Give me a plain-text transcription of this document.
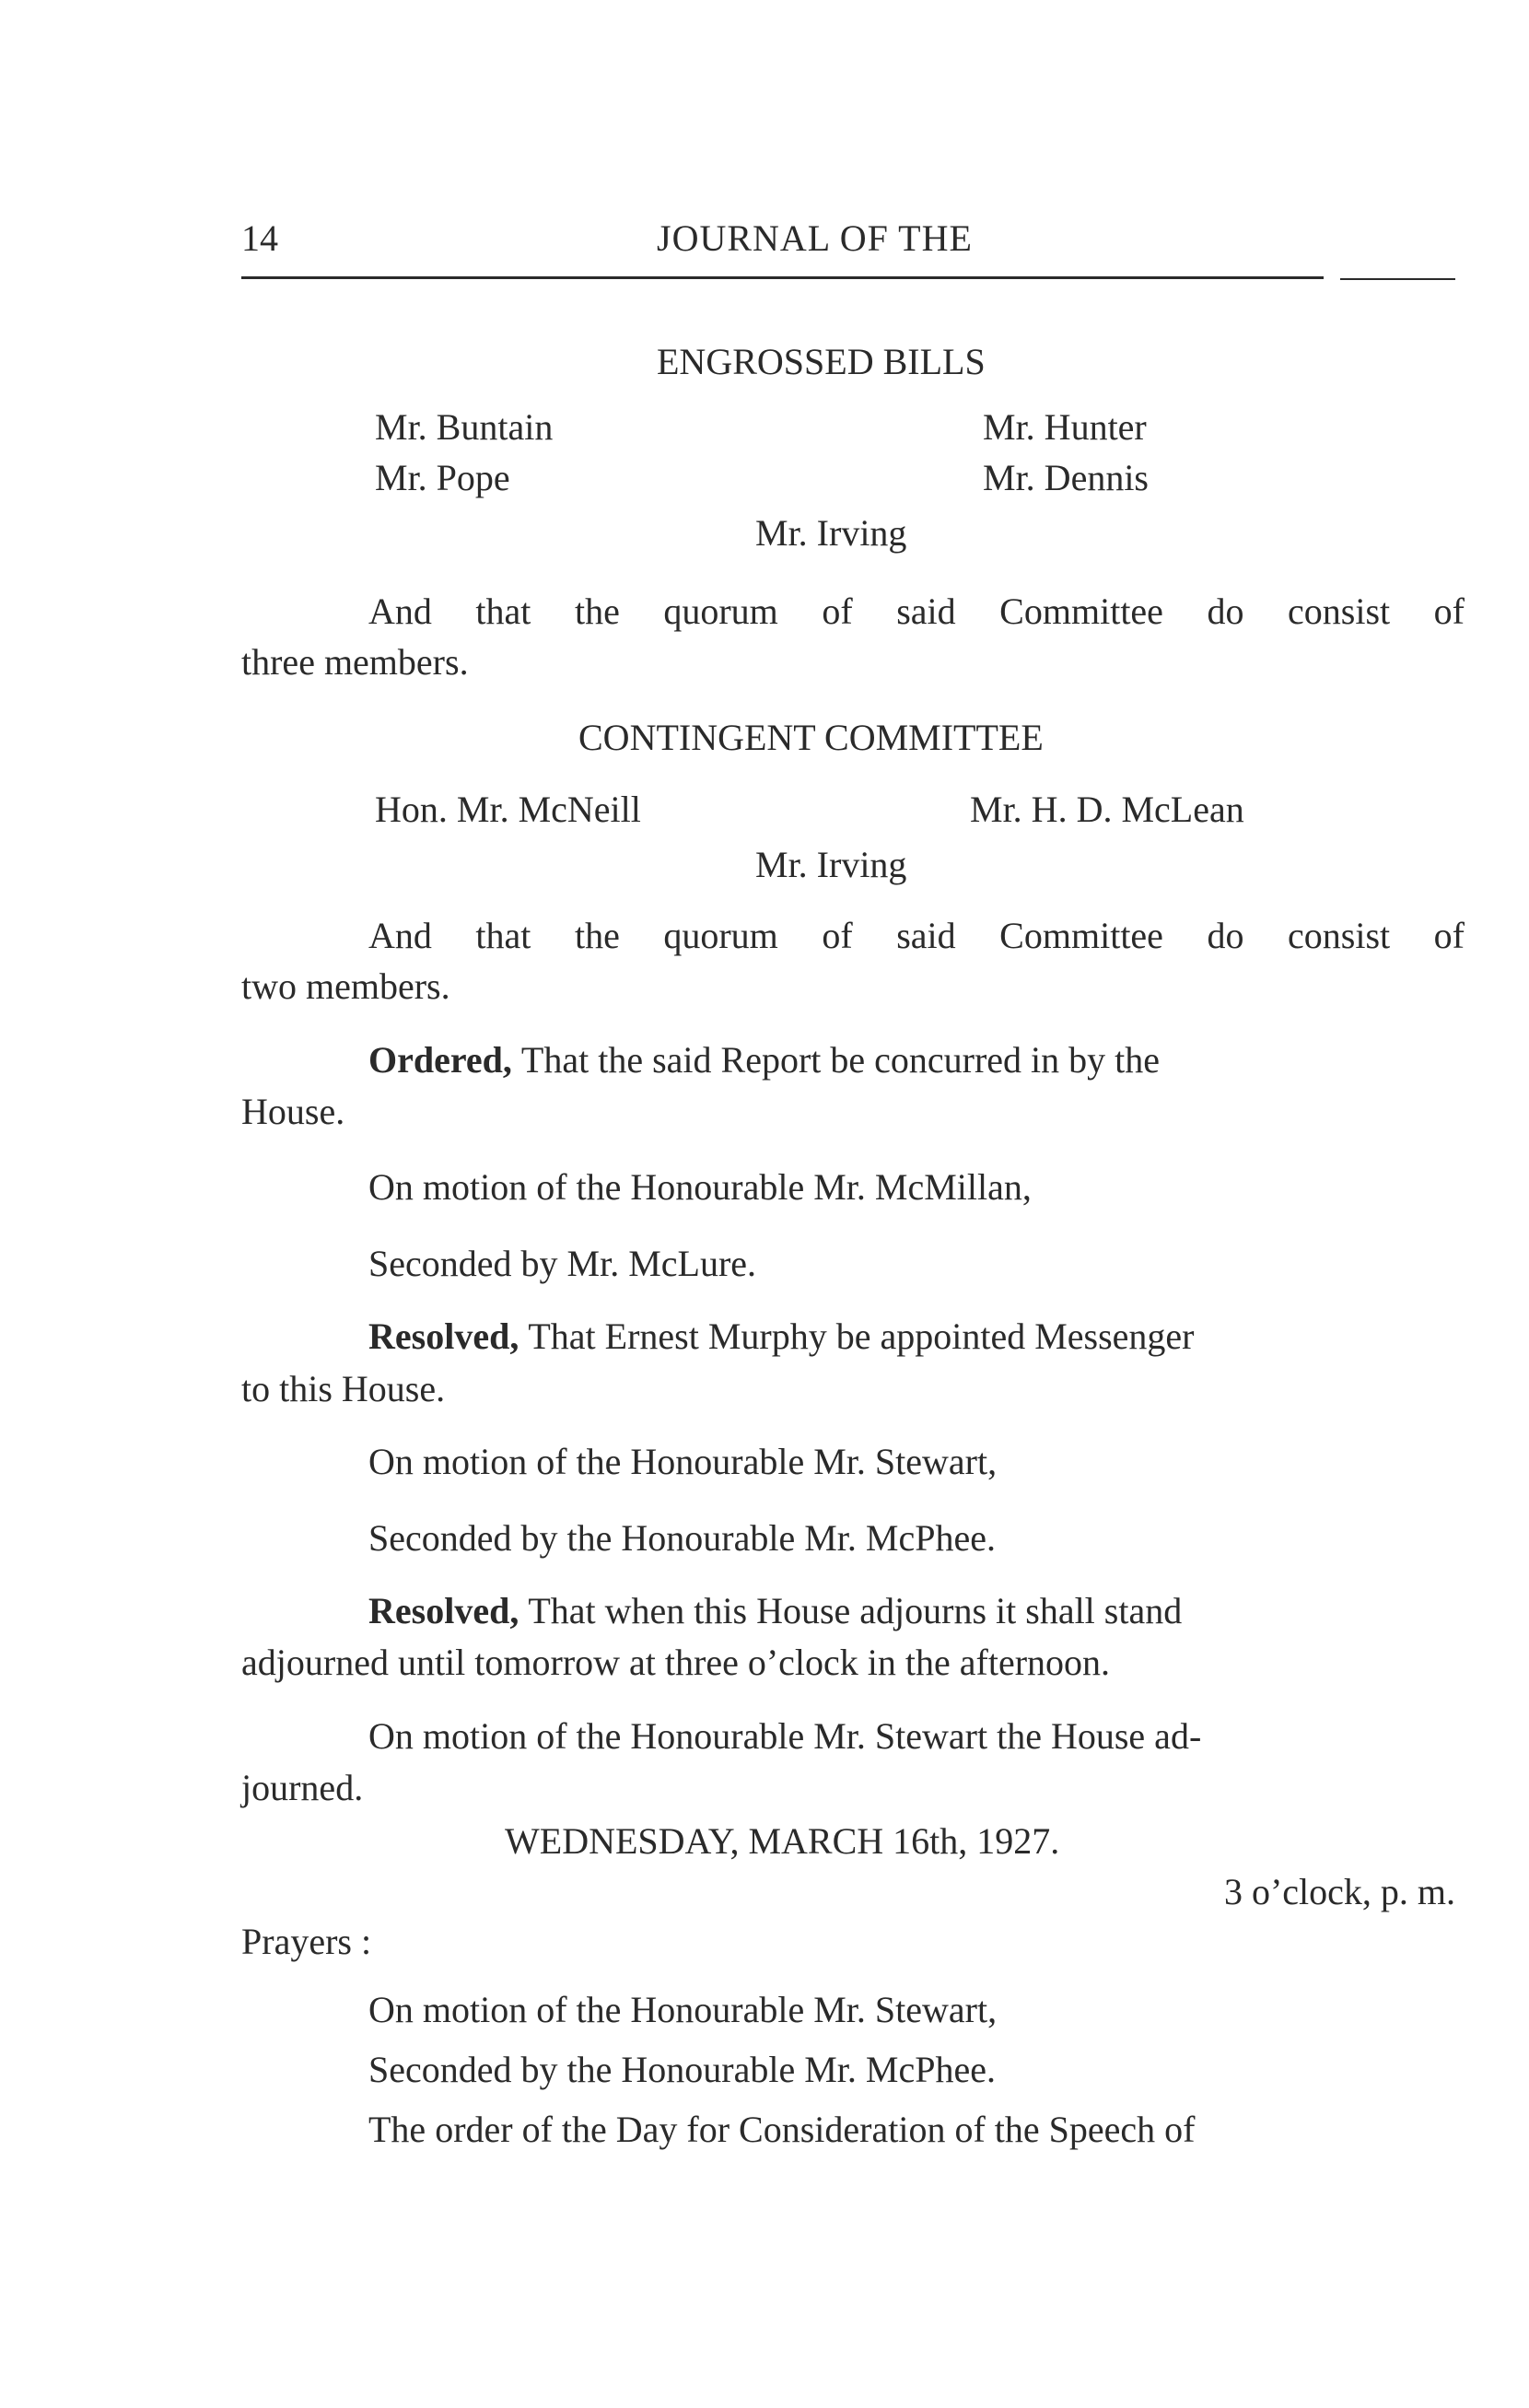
14	JOURNAL OF THE
ENGROSSED BILLS
Mr. Buntain	Mr. Hunter
Mr. Pope	Mr. Dennis
Mr. Irving
And that the quorum of said Committee do consist of
three members.
CONTINGENT COMMITTEE
Hon. Mr. McNeill	Mr. H. D. McLean
Mr. Irving
And that the quorum of said Committee do consist of
two members.
Ordered, That the said Report be concurred in by the
House.
On motion of the Honourable Mr. McMillan,
Seconded by Mr. McLure.
Resolved, That Ernest Murphy be appointed Messenger
to this House.
On motion of the Honourable Mr. Stewart,
Seconded by the Honourable Mr. McPhee.
Resolved, That when this House adjourns it shall stand
adjourned until tomorrow at three o’clock in the afternoon.
On motion of the Honourable Mr. Stewart the House ad-
journed.
WEDNESDAY, MARCH 16th, 1927.
3 o’clock, p. m.
Prayers :
On motion of the Honourable Mr. Stewart,
Seconded by the Honourable Mr. McPhee.
The order of the Day for Consideration of the Speech of
